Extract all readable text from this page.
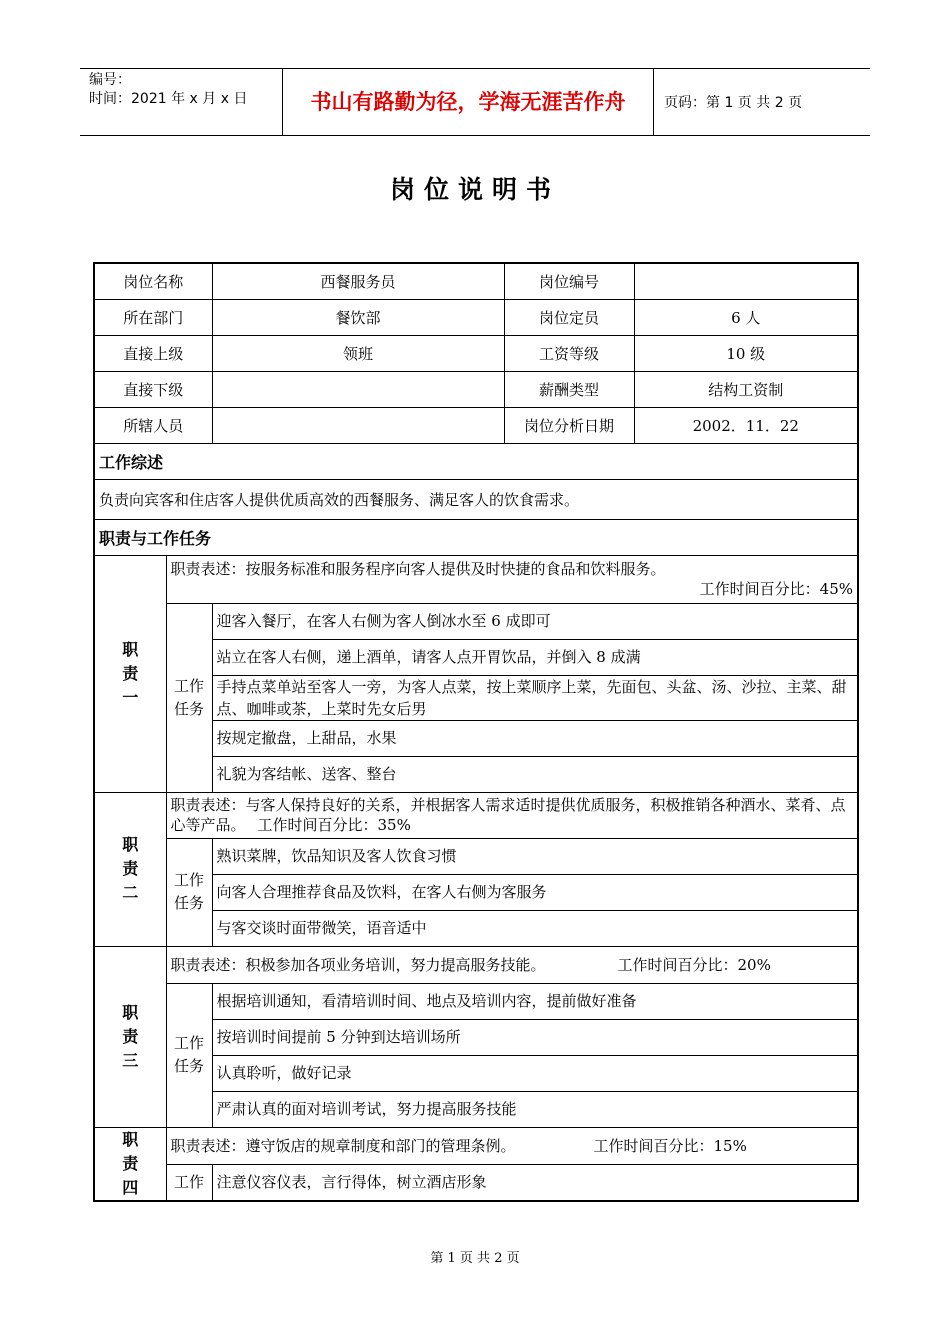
编号：
时间：2021 年 x 月 x 日	书山有路勤为径，学海无涯苦作舟	页码：第 1 页 共 2 页
岗位说明书
岗位名称		西餐服务员	岗位编号	
所在部门		餐饮部	岗位定员	6 人
直接上级		领班	工资等级	10 级
直接下级			薪酬类型	结构工资制
所辖人员			岗位分析日期	2002．11．22
工作综述				
负责向宾客和住店客人提供优质高效的西餐服务、满足客人的饮食需求。				
职责与工作任务				

职
责
一	职责表述：按服务标准和服务程序向客人提供及时快捷的食品和饮料服务。
工作时间百分比：45%			

	工作任务	迎客入餐厅，在客人右侧为客人倒冰水至 6 成即可		
		站立在客人右侧，递上酒单，请客人点开胃饮品，并倒入 8 成满		
		手持点菜单站至客人一旁，为客人点菜，按上菜顺序上菜，先面包、头盆、汤、沙拉、主菜、甜点、咖啡或茶，上菜时先女后男		
		按规定撤盘，上甜品，水果		
		礼貌为客结帐、送客、整台		

职
责
二	职责表述：与客人保持良好的关系，并根据客人需求适时提供优质服务，积极推销各种酒水、菜肴、点心等产品。 工作时间百分比：35%			
	工作任务	熟识菜牌，饮品知识及客人饮食习惯		
		向客人合理推荐食品及饮料，在客人右侧为客服务		
		与客交谈时面带微笑，语音适中		

职
责
三	职责表述：积极参加各项业务培训，努力提高服务技能。 工作时间百分比：20%			
	工作任务	根据培训通知，看清培训时间、地点及培训内容，提前做好准备		
		按培训时间提前 5 分钟到达培训场所		
		认真聆听，做好记录		
		严肃认真的面对培训考试，努力提高服务技能		

职
责
四	职责表述：遵守饭店的规章制度和部门的管理条例。 工作时间百分比：15%			
	工作	注意仪容仪表，言行得体，树立酒店形象		
第 1 页 共 2 页
